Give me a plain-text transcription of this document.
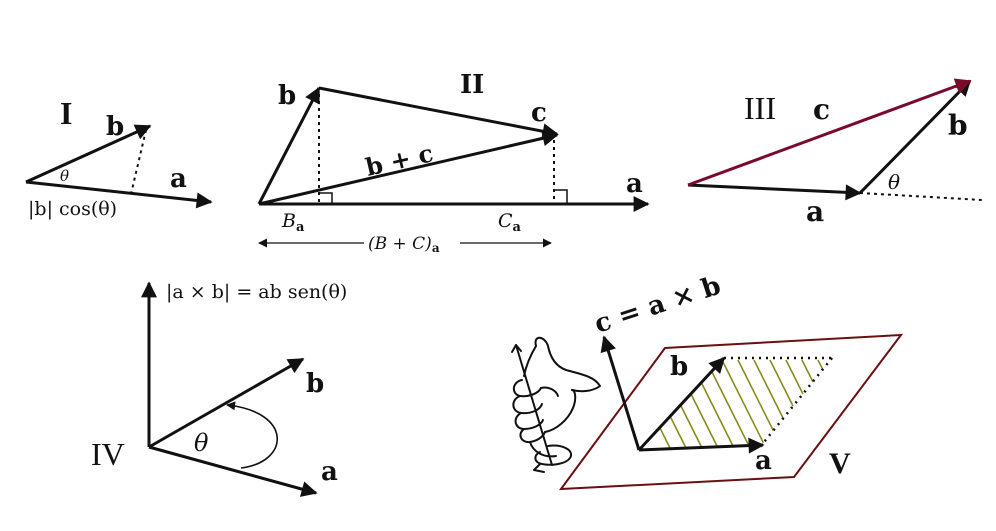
I b
a
θ
|b| cos(θ)
II
b
c
a
b + c
$B_a$	$C_a$
(B + C)a
III c	b
a
θ
IV	θ
b
a
|a × b| = ab sen(θ)
b
a V
c = a × b
